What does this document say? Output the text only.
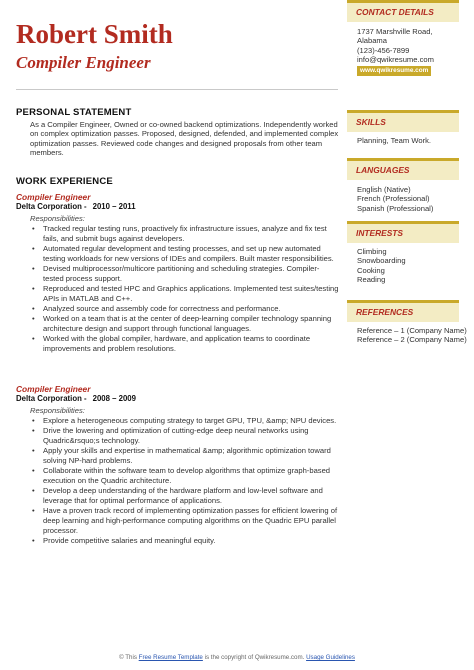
Robert Smith
Compiler Engineer
PERSONAL STATEMENT
As a Compiler Engineer, Owned or co-owned backend optimizations. Independently worked on complex optimization passes. Proposed, designed, defended, and implemented complex optimization passes. Reviewed code changes and designed proposals from other team members.
WORK EXPERIENCE
Compiler Engineer
Delta Corporation - 2010 – 2011
Responsibilities:
• Tracked regular testing runs, proactively fix infrastructure issues, analyze and fix test fails, and submit bugs against developers.
• Automated regular development and testing processes, and set up new automated testing workloads for new versions of IDEs and compilers. Built master responsibilities.
• Devised multiprocessor/multicore partitioning and scheduling strategies. Compiler-tested process support.
• Reproduced and tested HPC and Graphics applications. Implemented test suites/testing APIs in MATLAB and C++.
• Analyzed source and assembly code for correctness and performance.
• Worked on a team that is at the center of deep-learning compiler technology spanning architecture design and support through functional languages.
• Worked with the global compiler, hardware, and application teams to coordinate improvements and problem resolutions.
Compiler Engineer
Delta Corporation - 2008 – 2009
Responsibilities:
• Explore a heterogeneous computing strategy to target GPU, TPU, &amp; NPU devices.
• Drive the lowering and optimization of cutting-edge deep neural networks using Quadric&rsquo;s technology.
• Apply your skills and expertise in mathematical &amp; algorithmic optimization toward solving NP-hard problems.
• Collaborate within the software team to develop algorithms that optimize graph-based execution on the Quadric architecture.
• Develop a deep understanding of the hardware platform and low-level software and leverage that for optimal performance of applications.
• Have a proven track record of implementing optimization passes for efficient lowering of deep learning and high-performance computing algorithms on the Quadric EPU parallel processor.
• Provide competitive salaries and meaningful equity.
CONTACT DETAILS
1737 Marshville Road,
Alabama
(123)-456-7899
info@qwikresume.com
www.qwikresume.com
SKILLS
Planning, Team Work.
LANGUAGES
English (Native)
French (Professional)
Spanish (Professional)
INTERESTS
Climbing
Snowboarding
Cooking
Reading
REFERENCES
Reference – 1 (Company Name)
Reference – 2 (Company Name)
© This Free Resume Template is the copyright of Qwikresume.com. Usage Guidelines
